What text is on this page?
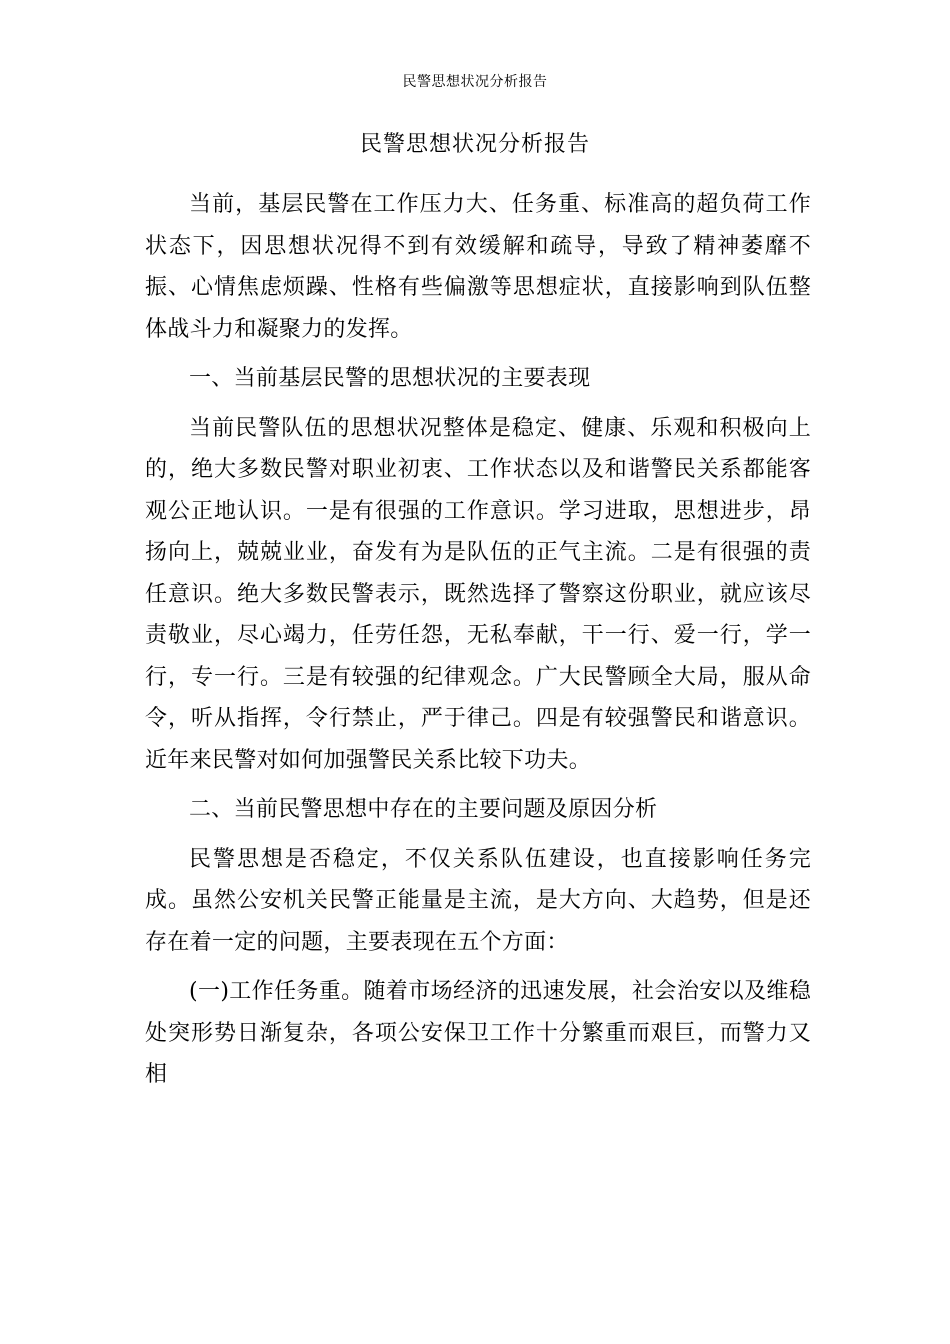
民警思想状况分析报告
民警思想状况分析报告

当前，基层民警在工作压力大、任务重、标准高的超负荷工作状态下，因思想状况得不到有效缓解和疏导，导致了精神萎靡不振、心情焦虑烦躁、性格有些偏激等思想症状，直接影响到队伍整体战斗力和凝聚力的发挥。

一、当前基层民警的思想状况的主要表现

当前民警队伍的思想状况整体是稳定、健康、乐观和积极向上的，绝大多数民警对职业初衷、工作状态以及和谐警民关系都能客观公正地认识。一是有很强的工作意识。学习进取，思想进步，昂扬向上，兢兢业业，奋发有为是队伍的正气主流。二是有很强的责任意识。绝大多数民警表示，既然选择了警察这份职业，就应该尽责敬业，尽心竭力，任劳任怨，无私奉献，干一行、爱一行，学一行，专一行。三是有较强的纪律观念。广大民警顾全大局，服从命令，听从指挥，令行禁止，严于律己。四是有较强警民和谐意识。近年来民警对如何加强警民关系比较下功夫。

二、当前民警思想中存在的主要问题及原因分析

民警思想是否稳定，不仅关系队伍建设，也直接影响任务完成。虽然公安机关民警正能量是主流，是大方向、大趋势，但是还存在着一定的问题，主要表现在五个方面：

(一)工作任务重。随着市场经济的迅速发展，社会治安以及维稳处突形势日渐复杂，各项公安保卫工作十分繁重而艰巨，而警力又相
